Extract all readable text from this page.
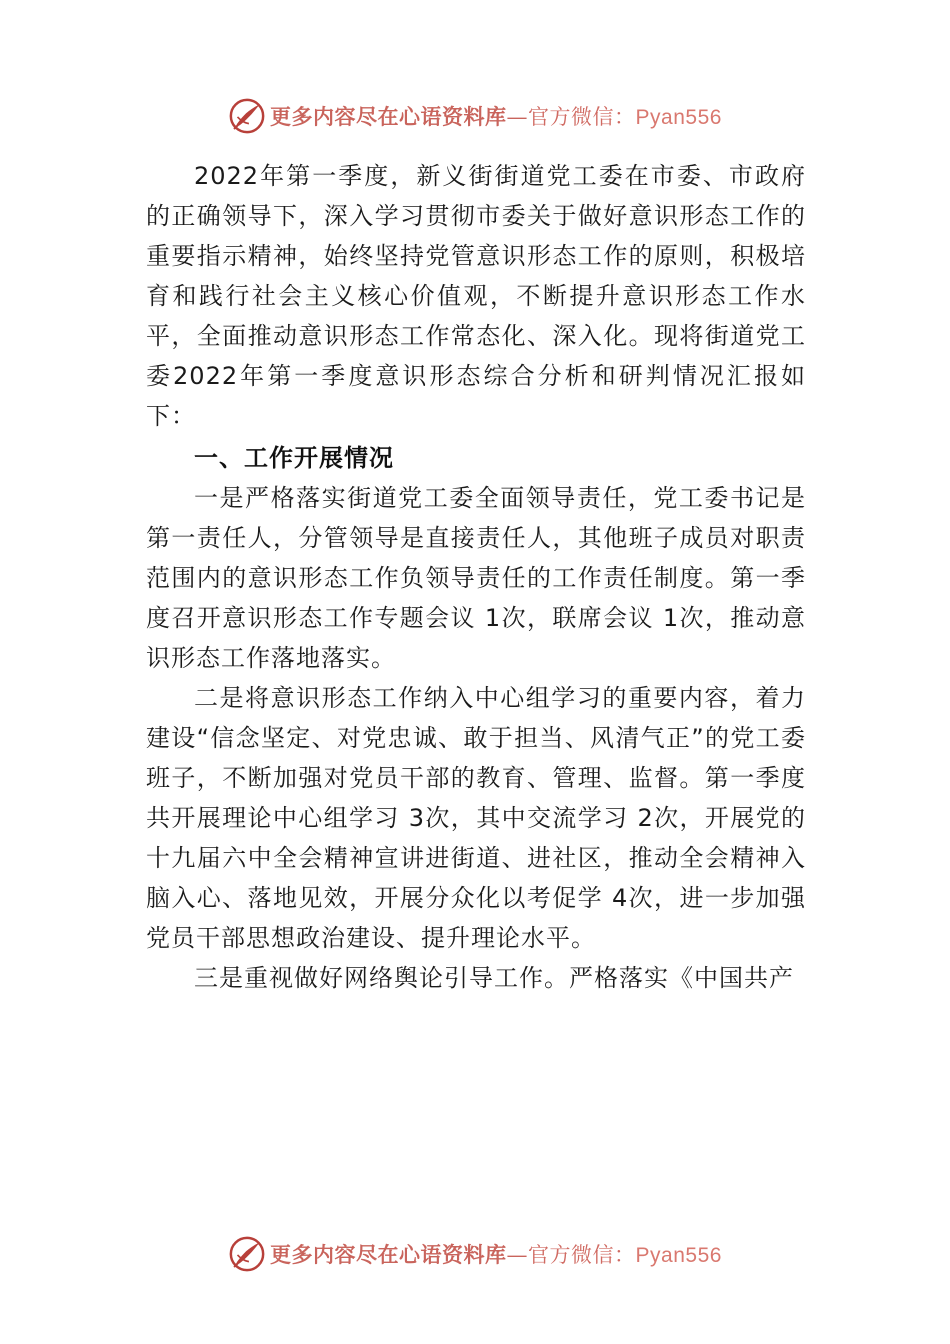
更多内容尽在心语资料库—官方微信：Pyan556

2022年第一季度，新义街街道党工委在市委、市政府的正确领导下，深入学习贯彻市委关于做好意识形态工作的重要指示精神，始终坚持党管意识形态工作的原则，积极培育和践行社会主义核心价值观，不断提升意识形态工作水平，全面推动意识形态工作常态化、深入化。现将街道党工委2022年第一季度意识形态综合分析和研判情况汇报如下：

一、工作开展情况

一是严格落实街道党工委全面领导责任，党工委书记是第一责任人，分管领导是直接责任人，其他班子成员对职责范围内的意识形态工作负领导责任的工作责任制度。第一季度召开意识形态工作专题会议 1次，联席会议 1次，推动意识形态工作落地落实。

二是将意识形态工作纳入中心组学习的重要内容，着力建设“信念坚定、对党忠诚、敢于担当、风清气正”的党工委班子，不断加强对党员干部的教育、管理、监督。第一季度共开展理论中心组学习 3次，其中交流学习 2次，开展党的十九届六中全会精神宣讲进街道、进社区，推动全会精神入脑入心、落地见效，开展分众化以考促学 4次，进一步加强党员干部思想政治建设、提升理论水平。

三是重视做好网络舆论引导工作。严格落实《中国共产

更多内容尽在心语资料库—官方微信：Pyan556
